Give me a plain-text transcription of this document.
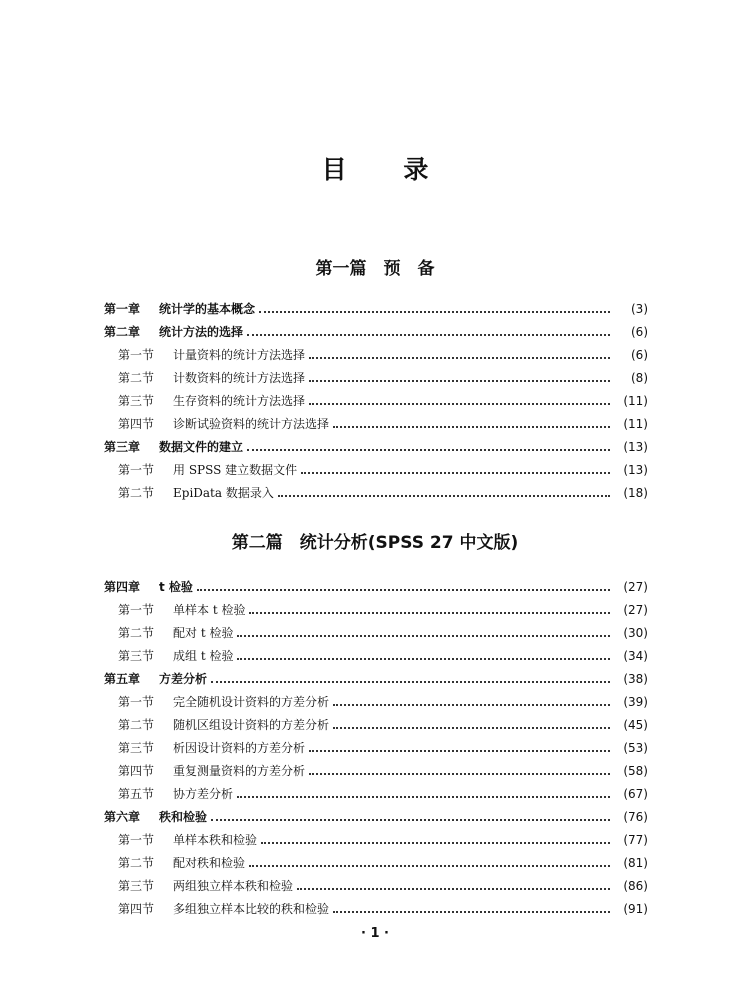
目 录
第一篇　预　备
第一章	统计学的基本概念	(3)
第二章	统计方法的选择	(6)
第一节	计量资料的统计方法选择	(6)
第二节	计数资料的统计方法选择	(8)
第三节	生存资料的统计方法选择	(11)
第四节	诊断试验资料的统计方法选择	(11)
第三章	数据文件的建立	(13)
第一节	用 SPSS 建立数据文件	(13)
第二节	EpiData 数据录入	(18)
第二篇　统计分析(SPSS 27 中文版)
第四章	t 检验	(27)
第一节	单样本 t 检验	(27)
第二节	配对 t 检验	(30)
第三节	成组 t 检验	(34)
第五章	方差分析	(38)
第一节	完全随机设计资料的方差分析	(39)
第二节	随机区组设计资料的方差分析	(45)
第三节	析因设计资料的方差分析	(53)
第四节	重复测量资料的方差分析	(58)
第五节	协方差分析	(67)
第六章	秩和检验	(76)
第一节	单样本秩和检验	(77)
第二节	配对秩和检验	(81)
第三节	两组独立样本秩和检验	(86)
第四节	多组独立样本比较的秩和检验	(91)
· 1 ·
